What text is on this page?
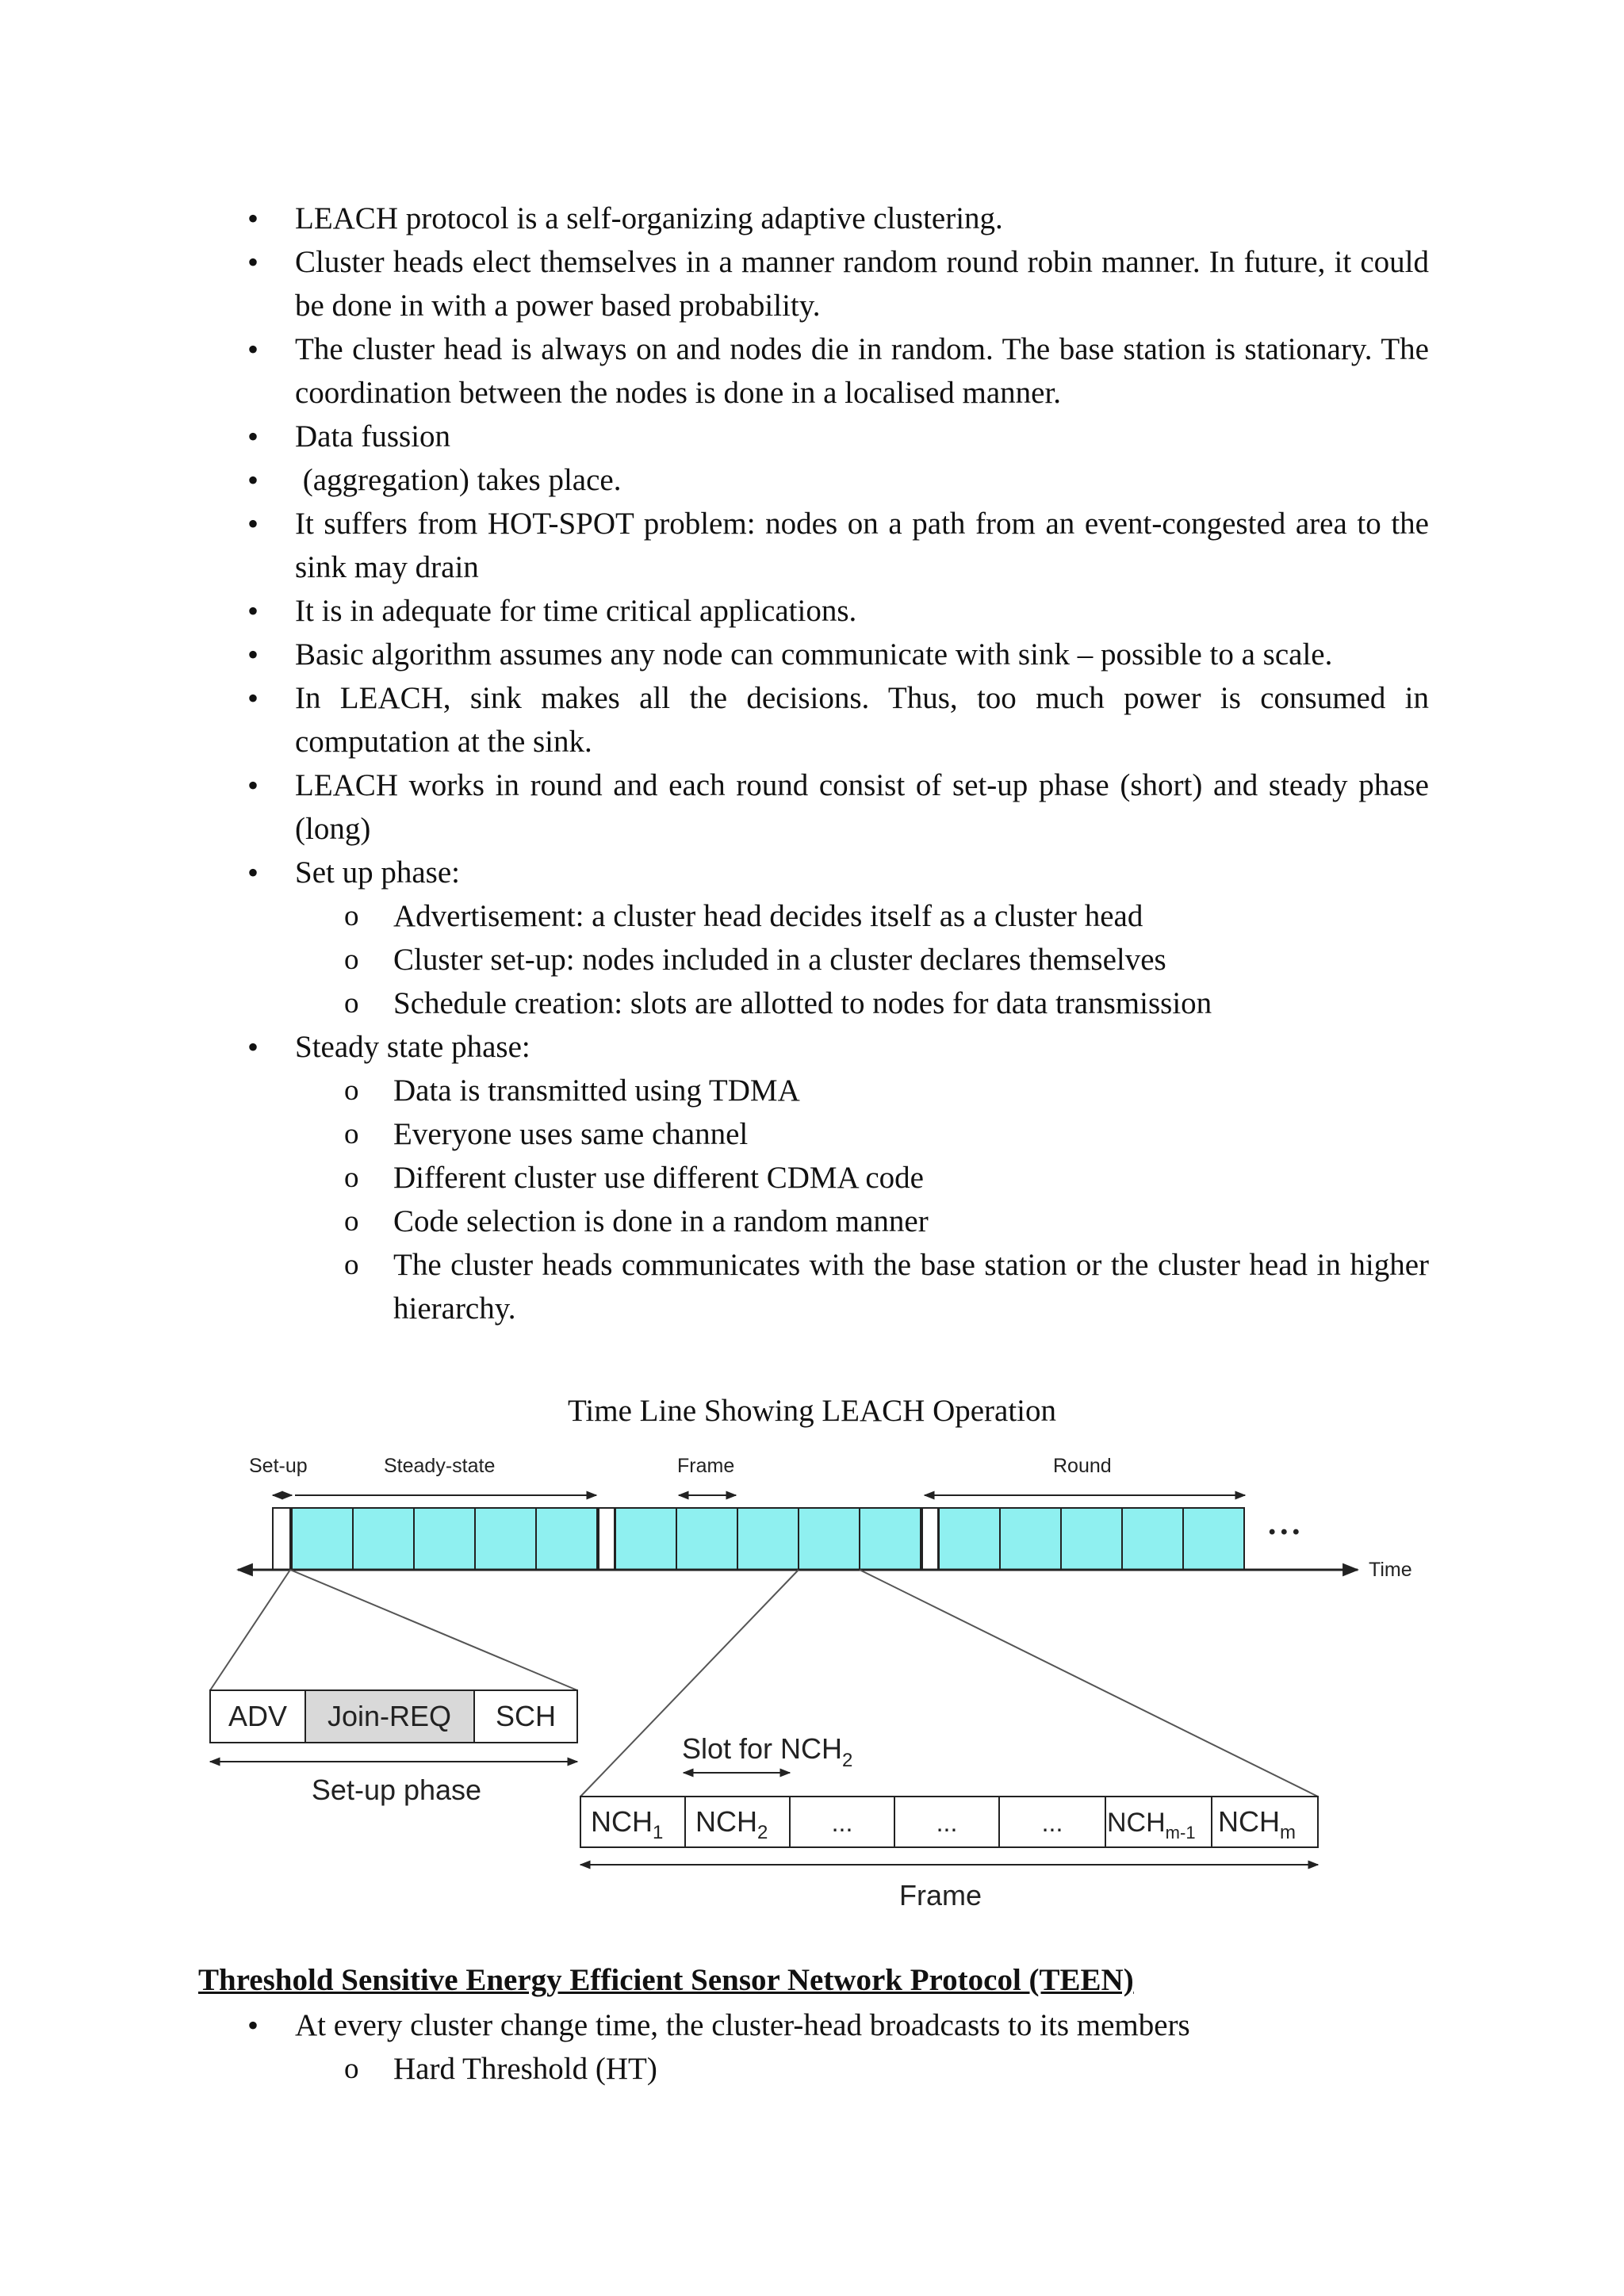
• LEACH protocol is a self-organizing adaptive clustering.
• Cluster heads elect themselves in a manner random round robin manner. In future, it could be done in with a power based probability.
• The cluster head is always on and nodes die in random. The base station is stationary. The coordination between the nodes is done in a localised manner.
• Data fussion
•  (aggregation) takes place.
• It suffers from HOT-SPOT problem: nodes on a path from an event-congested area to the sink may drain
• It is in adequate for time critical applications.
• Basic algorithm assumes any node can communicate with sink – possible to a scale.
• In LEACH, sink makes all the decisions. Thus, too much power is consumed in computation at the sink.
• LEACH works in round and each round consist of set-up phase (short) and steady phase (long)
• Set up phase:
o Advertisement: a cluster head decides itself as a cluster head
o Cluster set-up: nodes included in a cluster declares themselves
o Schedule creation: slots are allotted to nodes for data transmission
• Steady state phase:
o Data is transmitted using TDMA
o Everyone uses same channel
o Different cluster use different CDMA code
o Code selection is done in a random manner
o The cluster heads communicates with the base station or the cluster head in higher hierarchy.
Time Line Showing LEACH Operation
Set-up	Steady-state	Frame	Round
• • •
Time
ADV Join-REQ SCH
Set-up phase
Slot for $NCH_2$
$NCH_1$ $NCH_2$	...	...	... $NCH_{m-1}$ $NCH_m$
Frame
Threshold Sensitive Energy Efficient Sensor Network Protocol (TEEN)
• At every cluster change time, the cluster-head broadcasts to its members
o Hard Threshold (HT)
